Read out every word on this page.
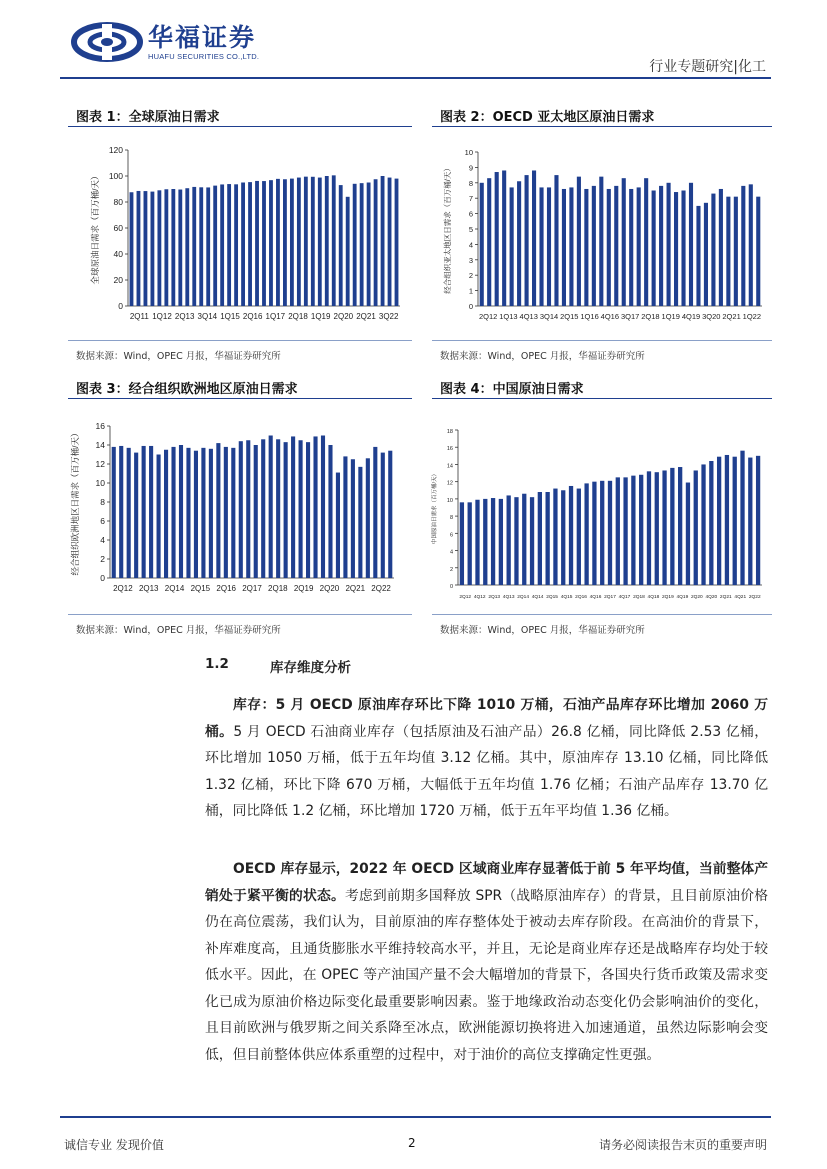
华福证券
HUAFU SECURITIES CO.,LTD.
行业专题研究|化工
图表 1：全球原油日需求
120
100
80
60
40
20
0
全球原油日需求（百万桶/天）
2Q11 1Q12 2Q13 3Q14 1Q15 2Q16 1Q17 2Q18 1Q19 2Q20 2Q21 3Q22
数据来源：Wind，OPEC 月报，华福证券研究所
图表 2：OECD 亚太地区原油日需求
10
9
8
7
6
5
4
3
2
1
0
经合组织亚太地区日需求（百万桶/天）
2Q12 1Q13 4Q13 3Q14 2Q15 1Q16 4Q16 3Q17 2Q18 1Q19 4Q19 3Q20 2Q21 1Q22
数据来源：Wind，OPEC 月报，华福证券研究所
图表 3：经合组织欧洲地区原油日需求
16
14
12
10
8
6
4
2
0
经合组织欧洲地区日需求（百万桶/天）
2Q12 2Q13 2Q14 2Q15 2Q16 2Q17 2Q18 2Q19 2Q20 2Q21 2Q22
数据来源：Wind，OPEC 月报，华福证券研究所
图表 4：中国原油日需求
18
16
14
12
10
8
6
4
2
0
中国原油日需求（百万桶/天）
2Q12 4Q12 2Q13 4Q13 2Q14 4Q14 2Q15 4Q15 2Q16 4Q16 2Q17 4Q17 2Q18 4Q18 2Q19 4Q19 2Q20 4Q20 2Q21 4Q21 2Q22
数据来源：Wind，OPEC 月报，华福证券研究所
1.2	库存维度分析

库存：5 月 OECD 原油库存环比下降 1010 万桶，石油产品库存环比增加 2060 万桶。5 月 OECD 石油商业库存（包括原油及石油产品）26.8 亿桶，同比降低 2.53 亿桶，环比增加 1050 万桶，低于五年均值 3.12 亿桶。其中，原油库存 13.10 亿桶，同比降低 1.32 亿桶，环比下降 670 万桶，大幅低于五年均值 1.76 亿桶；石油产品库存 13.70 亿桶，同比降低 1.2 亿桶，环比增加 1720 万桶，低于五年平均值 1.36 亿桶。

OECD 库存显示，2022 年 OECD 区域商业库存显著低于前 5 年平均值，当前整体产销处于紧平衡的状态。考虑到前期多国释放 SPR（战略原油库存）的背景，且目前原油价格仍在高位震荡，我们认为，目前原油的库存整体处于被动去库存阶段。在高油价的背景下，补库难度高，且通货膨胀水平维持较高水平，并且，无论是商业库存还是战略库存均处于较低水平。因此，在 OPEC 等产油国产量不会大幅增加的背景下，各国央行货币政策及需求变化已成为原油价格边际变化最重要影响因素。鉴于地缘政治动态变化仍会影响油价的变化，且目前欧洲与俄罗斯之间关系降至冰点，欧洲能源切换将进入加速通道，虽然边际影响会变低，但目前整体供应体系重塑的过程中，对于油价的高位支撑确定性更强。

诚信专业 发现价值	2	请务必阅读报告末页的重要声明
